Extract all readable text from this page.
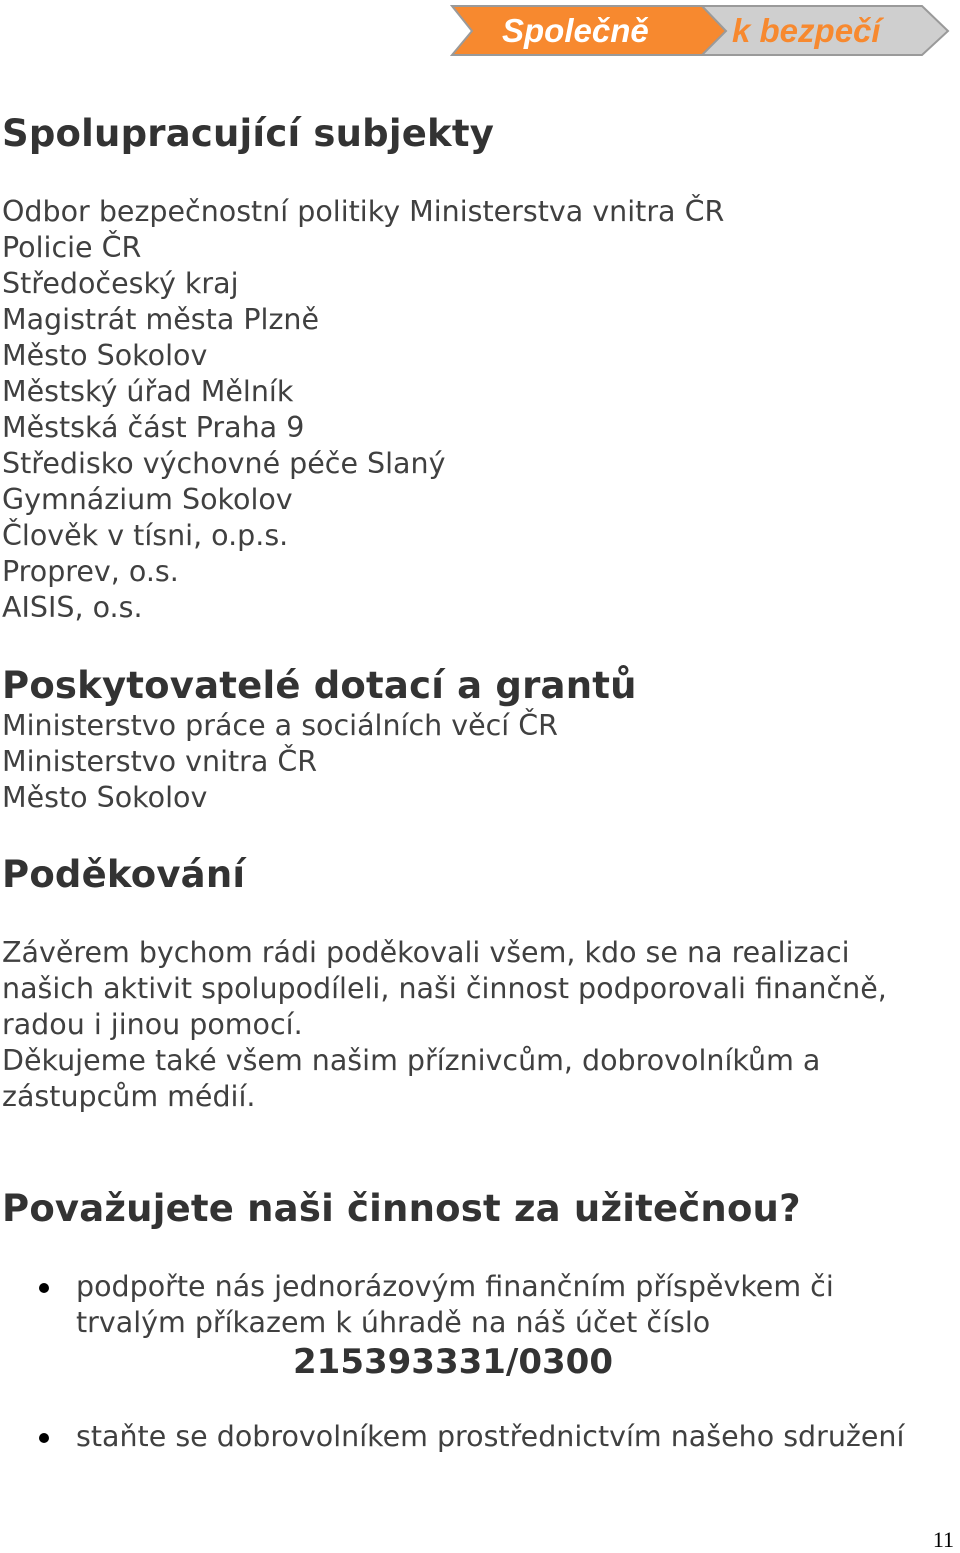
Společně	k bezpečí
Spolupracující subjekty
Odbor bezpečnostní politiky Ministerstva vnitra ČR
Policie ČR
Středočeský kraj
Magistrát města Plzně
Město Sokolov
Městský úřad Mělník
Městská část Praha 9
Středisko výchovné péče Slaný
Gymnázium Sokolov
Člověk v tísni, o.p.s.
Proprev, o.s.
AISIS, o.s.
Poskytovatelé dotací a grantů
Ministerstvo práce a sociálních věcí ČR
Ministerstvo vnitra ČR
Město Sokolov
Poděkování

Závěrem bychom rádi poděkovali všem, kdo se na realizaci
našich aktivit spolupodíleli, naši činnost podporovali finančně,
radou i jinou pomocí.
Děkujeme také všem našim příznivcům, dobrovolníkům a
zástupcům médií.

Považujete naši činnost za užitečnou?
podpořte nás jednorázovým finančním příspěvkem či
trvalým příkazem k úhradě na náš účet číslo
215393331/0300
staňte se dobrovolníkem prostřednictvím našeho sdružení
11
